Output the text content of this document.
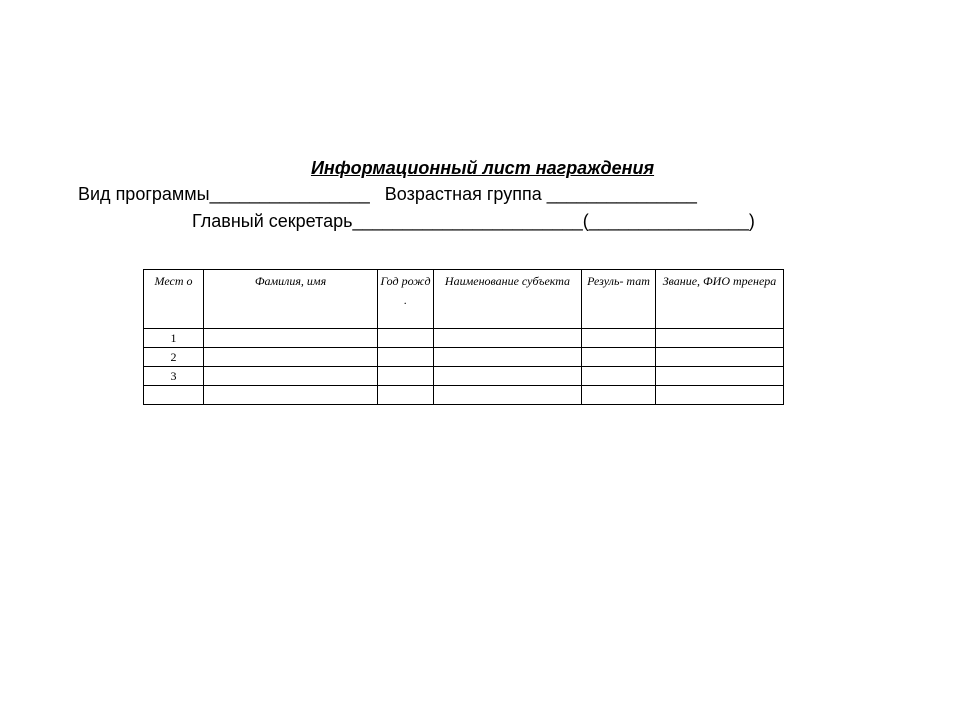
Информационный лист награждения
Вид программы________________ Возрастная группа _______________
Главный секретарь_______________________(________________)
Мест о	Фамилия, имя	Год рожд .	Наименование субъекта	Резуль- тат	Звание, ФИО тренера
1					
2					
3					
